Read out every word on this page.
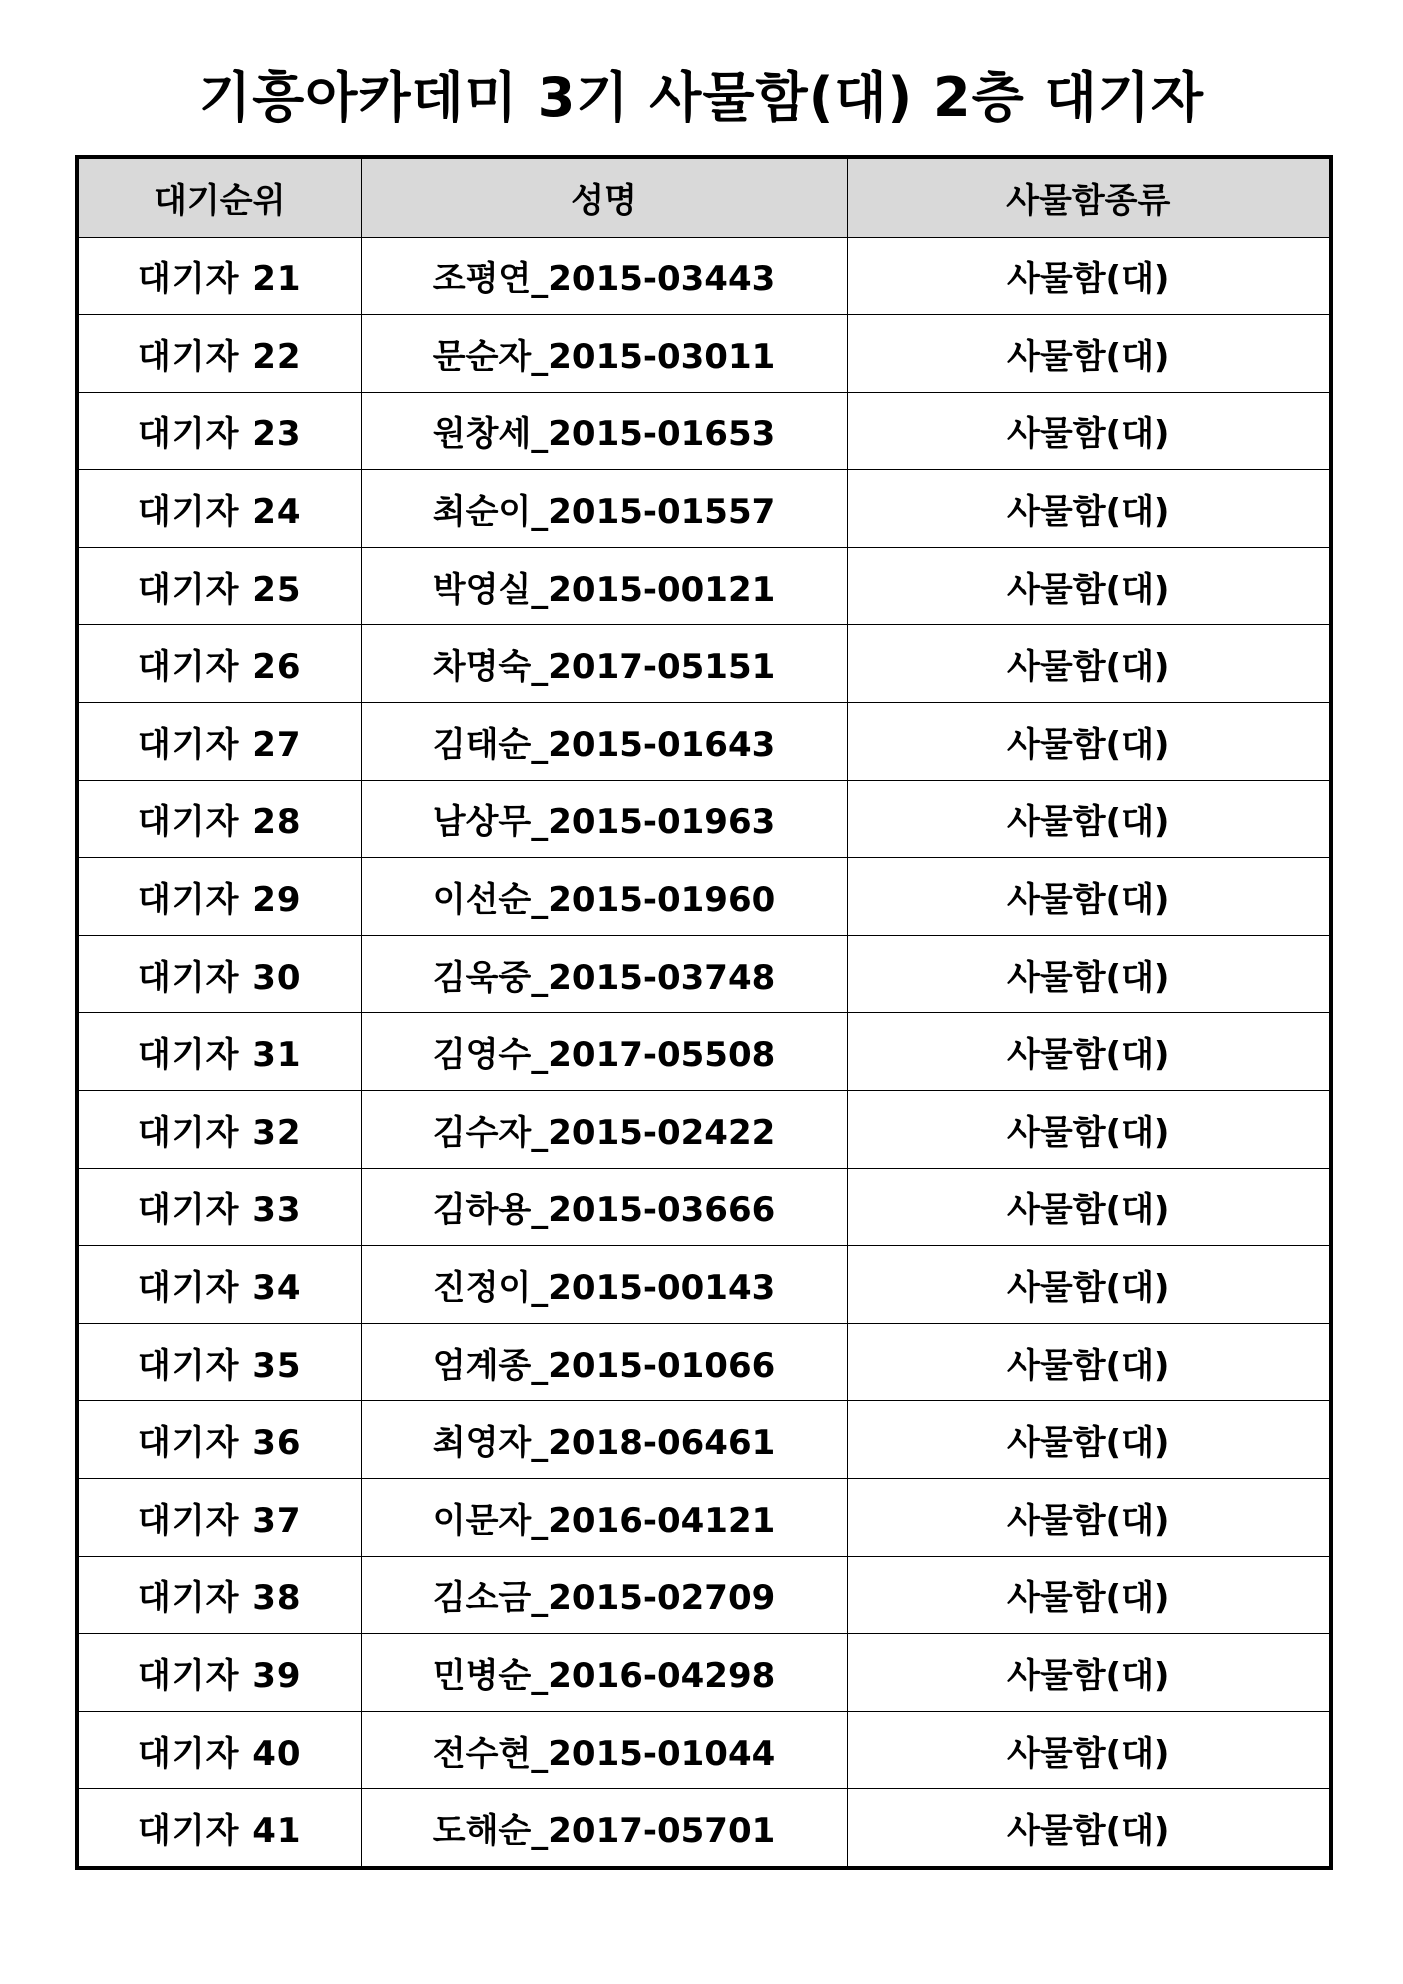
기흥아카데미 3기 사물함(대) 2층 대기자
대기순위	성명	사물함종류
대기자 21	조평연_2015-03443	사물함(대)
대기자 22	문순자_2015-03011	사물함(대)
대기자 23	원창세_2015-01653	사물함(대)
대기자 24	최순이_2015-01557	사물함(대)
대기자 25	박영실_2015-00121	사물함(대)
대기자 26	차명숙_2017-05151	사물함(대)
대기자 27	김태순_2015-01643	사물함(대)
대기자 28	남상무_2015-01963	사물함(대)
대기자 29	이선순_2015-01960	사물함(대)
대기자 30	김욱중_2015-03748	사물함(대)
대기자 31	김영수_2017-05508	사물함(대)
대기자 32	김수자_2015-02422	사물함(대)
대기자 33	김하용_2015-03666	사물함(대)
대기자 34	진정이_2015-00143	사물함(대)
대기자 35	엄계종_2015-01066	사물함(대)
대기자 36	최영자_2018-06461	사물함(대)
대기자 37	이문자_2016-04121	사물함(대)
대기자 38	김소금_2015-02709	사물함(대)
대기자 39	민병순_2016-04298	사물함(대)
대기자 40	전수현_2015-01044	사물함(대)
대기자 41	도해순_2017-05701	사물함(대)
